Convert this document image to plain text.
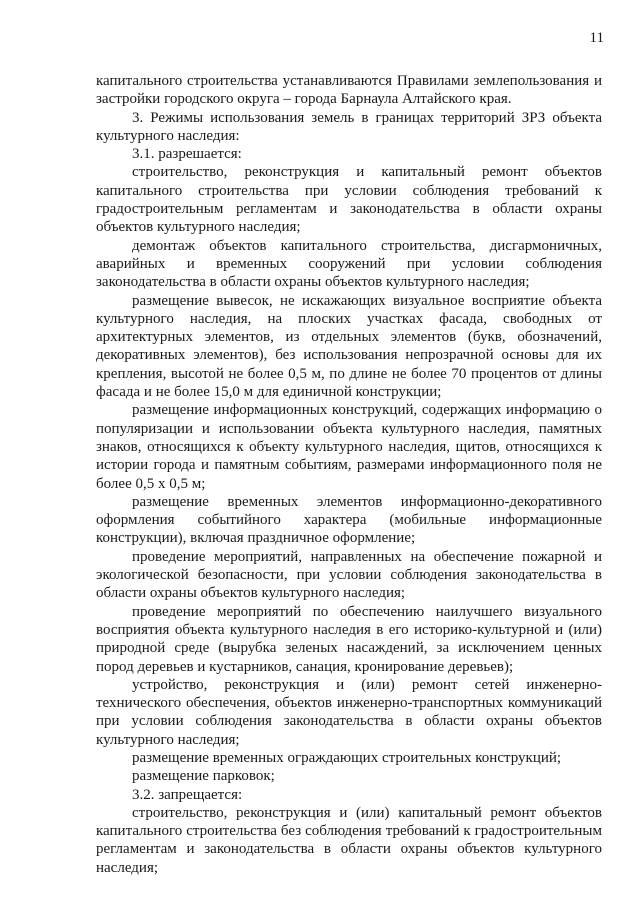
11

капитального строительства устанавливаются Правилами землепользования и застройки городского округа – города Барнаула Алтайского края.

3. Режимы использования земель в границах территорий ЗРЗ объекта культурного наследия:

3.1. разрешается:

строительство, реконструкция и капитальный ремонт объектов капитального строительства при условии соблюдения требований к градостроительным регламентам и законодательства в области охраны объектов культурного наследия;

демонтаж объектов капитального строительства, дисгармоничных, аварийных и временных сооружений при условии соблюдения законодательства в области охраны объектов культурного наследия;

размещение вывесок, не искажающих визуальное восприятие объекта культурного наследия, на плоских участках фасада, свободных от архитектурных элементов, из отдельных элементов (букв, обозначений, декоративных элементов), без использования непрозрачной основы для их крепления, высотой не более 0,5 м, по длине не более 70 процентов от длины фасада и не более 15,0 м для единичной конструкции;

размещение информационных конструкций, содержащих информацию о популяризации и использовании объекта культурного наследия, памятных знаков, относящихся к объекту культурного наследия, щитов, относящихся к истории города и памятным событиям, размерами информационного поля не более 0,5 х 0,5 м;

размещение временных элементов информационно-декоративного оформления событийного характера (мобильные информационные конструкции), включая праздничное оформление;

проведение мероприятий, направленных на обеспечение пожарной и экологической безопасности, при условии соблюдения законодательства в области охраны объектов культурного наследия;

проведение мероприятий по обеспечению наилучшего визуального восприятия объекта культурного наследия в его историко-культурной и (или) природной среде (вырубка зеленых насаждений, за исключением ценных пород деревьев и кустарников, санация, кронирование деревьев);

устройство, реконструкция и (или) ремонт сетей инженерно-технического обеспечения, объектов инженерно-транспортных коммуникаций при условии соблюдения законодательства в области охраны объектов культурного наследия;

размещение временных ограждающих строительных конструкций;

размещение парковок;

3.2. запрещается:

строительство, реконструкция и (или) капитальный ремонт объектов капитального строительства без соблюдения требований к градостроительным регламентам и законодательства в области охраны объектов культурного наследия;
